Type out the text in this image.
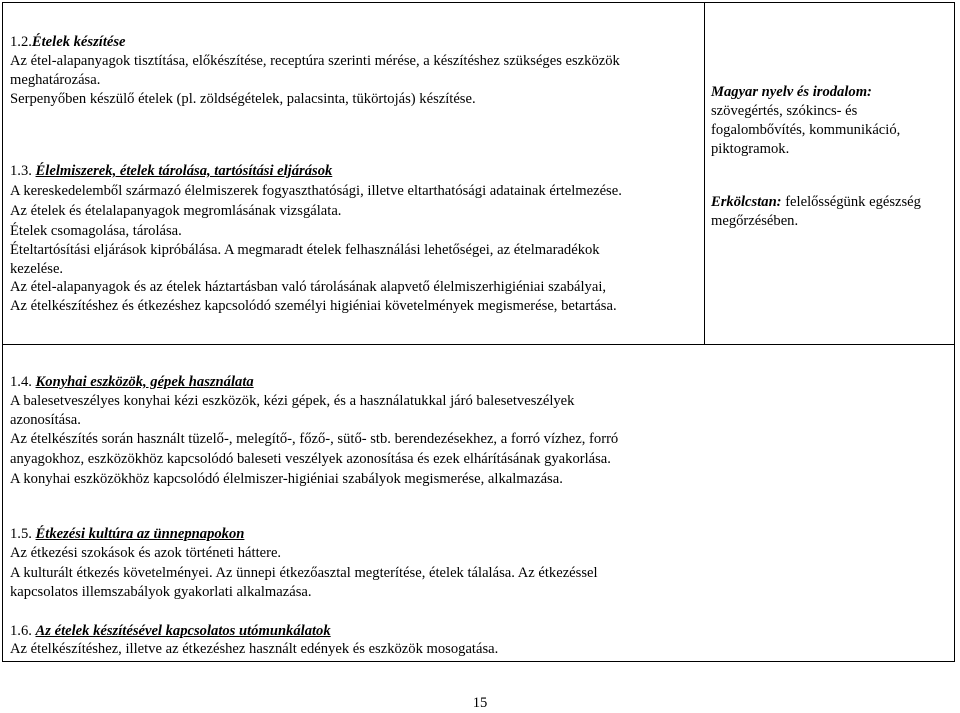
1.2.Ételek készítése
Az étel-alapanyagok tisztítása, előkészítése, receptúra szerinti mérése, a készítéshez szükséges eszközök
meghatározása.
Serpenyőben készülő ételek (pl. zöldségételek, palacsinta, tükörtojás) készítése.
1.3. Élelmiszerek, ételek tárolása, tartósítási eljárások
A kereskedelemből származó élelmiszerek fogyaszthatósági, illetve eltarthatósági adatainak értelmezése.
Az ételek és ételalapanyagok megromlásának vizsgálata.
Ételek csomagolása, tárolása.
Ételtartósítási eljárások kipróbálása. A megmaradt ételek felhasználási lehetőségei, az ételmaradékok
kezelése.
Az étel-alapanyagok és az ételek háztartásban való tárolásának alapvető élelmiszerhigiéniai szabályai,
Az ételkészítéshez és étkezéshez kapcsolódó személyi higiéniai követelmények megismerése, betartása.
Magyar nyelv és irodalom:
szövegértés, szókincs- és
fogalombővítés, kommunikáció,
piktogramok.
Erkölcstan: felelősségünk egészség
megőrzésében.
1.4. Konyhai eszközök, gépek használata
A balesetveszélyes konyhai kézi eszközök, kézi gépek, és a használatukkal járó balesetveszélyek
azonosítása.
Az ételkészítés során használt tüzelő-, melegítő-, főző-, sütő- stb. berendezésekhez, a forró vízhez, forró
anyagokhoz, eszközökhöz kapcsolódó baleseti veszélyek azonosítása és ezek elhárításának gyakorlása.
A konyhai eszközökhöz kapcsolódó élelmiszer-higiéniai szabályok megismerése, alkalmazása.
1.5. Étkezési kultúra az ünnepnapokon
Az étkezési szokások és azok történeti háttere.
A kulturált étkezés követelményei. Az ünnepi étkezőasztal megterítése, ételek tálalása. Az étkezéssel
kapcsolatos illemszabályok gyakorlati alkalmazása.
1.6. Az ételek készítésével kapcsolatos utómunkálatok
Az ételkészítéshez, illetve az étkezéshez használt edények és eszközök mosogatása.
15
